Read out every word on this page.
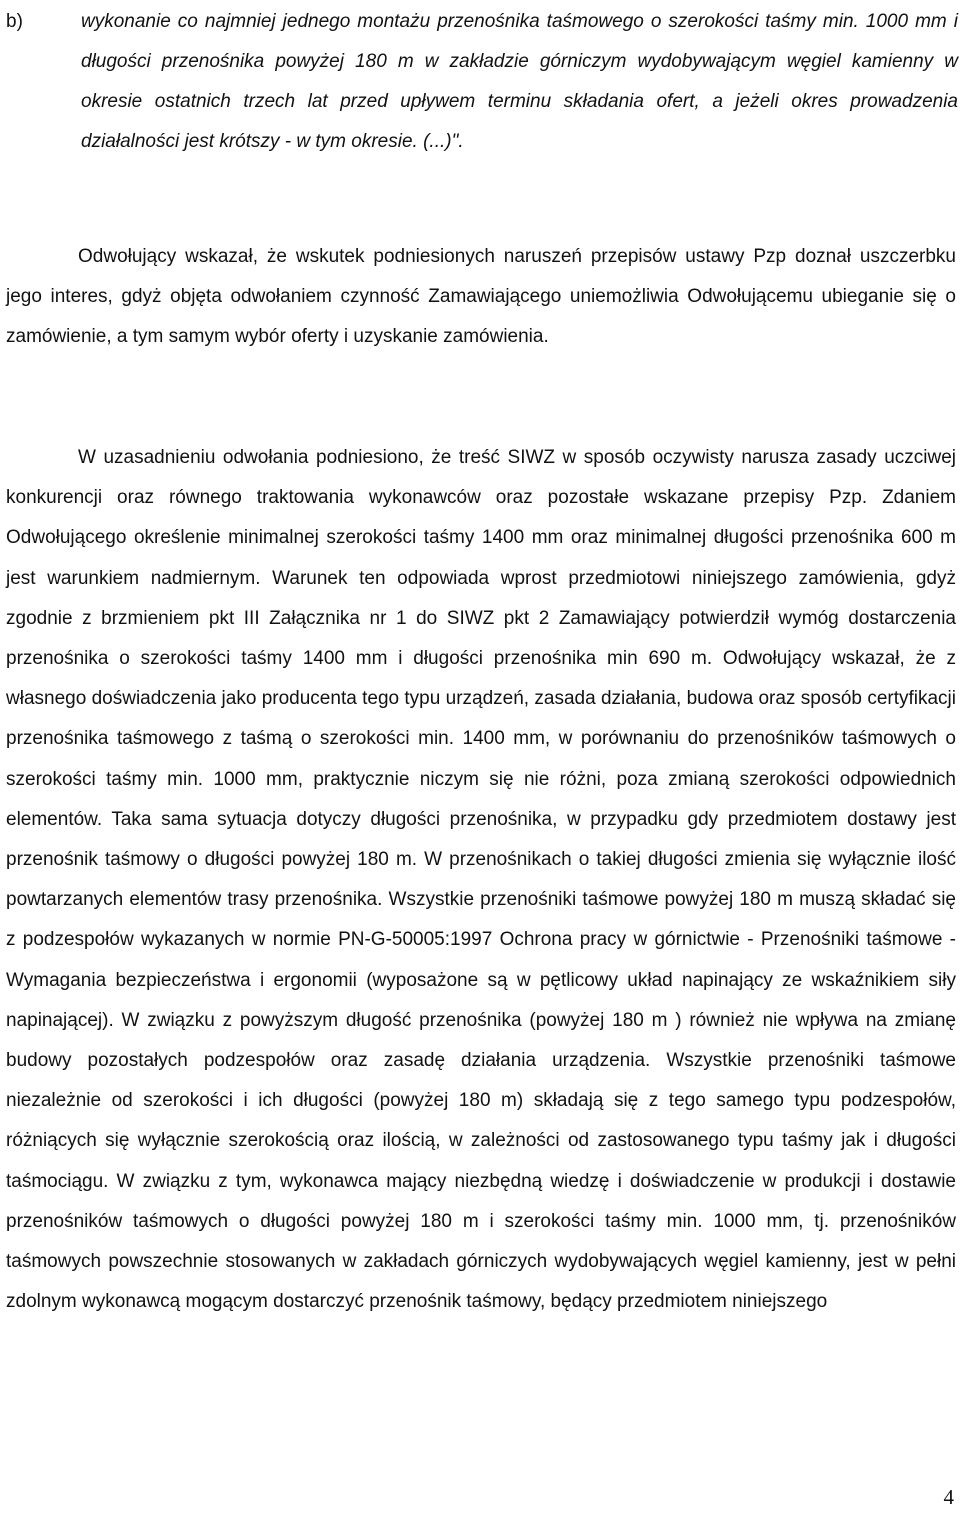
b)	wykonanie co najmniej jednego montażu przenośnika taśmowego o szerokości taśmy min. 1000 mm i długości przenośnika powyżej 180 m w zakładzie górniczym wydobywającym węgiel kamienny w okresie ostatnich trzech lat przed upływem terminu składania ofert, a jeżeli okres prowadzenia działalności jest krótszy - w tym okresie. (...)".

Odwołujący wskazał, że wskutek podniesionych naruszeń przepisów ustawy Pzp doznał uszczerbku jego interes, gdyż objęta odwołaniem czynność Zamawiającego uniemożliwia Odwołującemu ubieganie się o zamówienie, a tym samym wybór oferty i uzyskanie zamówienia.

W uzasadnieniu odwołania podniesiono, że treść SIWZ w sposób oczywisty narusza zasady uczciwej konkurencji oraz równego traktowania wykonawców oraz pozostałe wskazane przepisy Pzp. Zdaniem Odwołującego określenie minimalnej szerokości taśmy 1400 mm oraz minimalnej długości przenośnika 600 m jest warunkiem nadmiernym. Warunek ten odpowiada wprost przedmiotowi niniejszego zamówienia, gdyż zgodnie z brzmieniem pkt III Załącznika nr 1 do SIWZ pkt 2 Zamawiający potwierdził wymóg dostarczenia przenośnika o szerokości taśmy 1400 mm i długości przenośnika min 690 m. Odwołujący wskazał, że z własnego doświadczenia jako producenta tego typu urządzeń, zasada działania, budowa oraz sposób certyfikacji przenośnika taśmowego z taśmą o szerokości min. 1400 mm, w porównaniu do przenośników taśmowych o szerokości taśmy min. 1000 mm, praktycznie niczym się nie różni, poza zmianą szerokości odpowiednich elementów. Taka sama sytuacja dotyczy długości przenośnika, w przypadku gdy przedmiotem dostawy jest przenośnik taśmowy o długości powyżej 180 m. W przenośnikach o takiej długości zmienia się wyłącznie ilość powtarzanych elementów trasy przenośnika. Wszystkie przenośniki taśmowe powyżej 180 m muszą składać się z podzespołów wykazanych w normie PN-G-50005:1997 Ochrona pracy w górnictwie - Przenośniki taśmowe - Wymagania bezpieczeństwa i ergonomii (wyposażone są w pętlicowy układ napinający ze wskaźnikiem siły napinającej). W związku z powyższym długość przenośnika (powyżej 180 m ) również nie wpływa na zmianę budowy pozostałych podzespołów oraz zasadę działania urządzenia. Wszystkie przenośniki taśmowe niezależnie od szerokości i ich długości (powyżej 180 m) składają się z tego samego typu podzespołów, różniących się wyłącznie szerokością oraz ilością, w zależności od zastosowanego typu taśmy jak i długości taśmociągu. W związku z tym, wykonawca mający niezbędną wiedzę i doświadczenie w produkcji i dostawie przenośników taśmowych o długości powyżej 180 m i szerokości taśmy min. 1000 mm, tj. przenośników taśmowych powszechnie stosowanych w zakładach górniczych wydobywających węgiel kamienny, jest w pełni zdolnym wykonawcą mogącym dostarczyć przenośnik taśmowy, będący przedmiotem niniejszego

4
